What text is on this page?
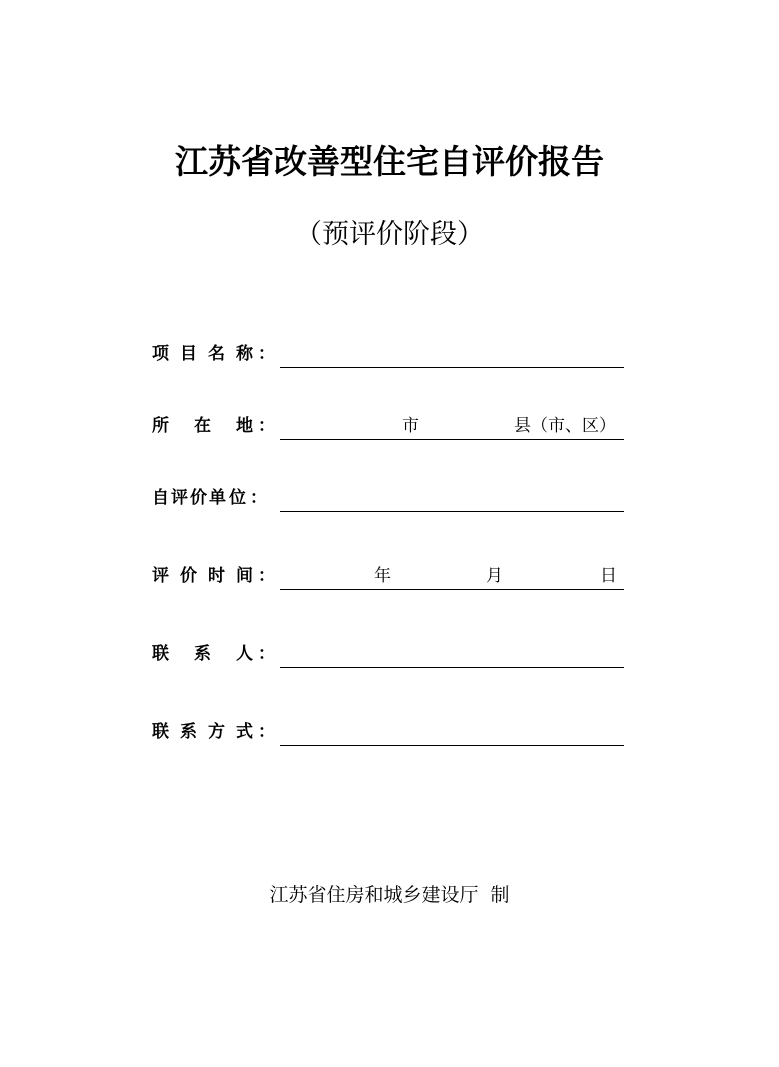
江苏省改善型住宅自评价报告
（预评价阶段）
项 目 名 称 ：
所 在 地 ：	市	县（市、区）
自 评 价 单 位 ：
评 价 时 间 ：	年	月	日
联 系 人 ：
联 系 方 式 ：
江苏省住房和城乡建设厅  制
